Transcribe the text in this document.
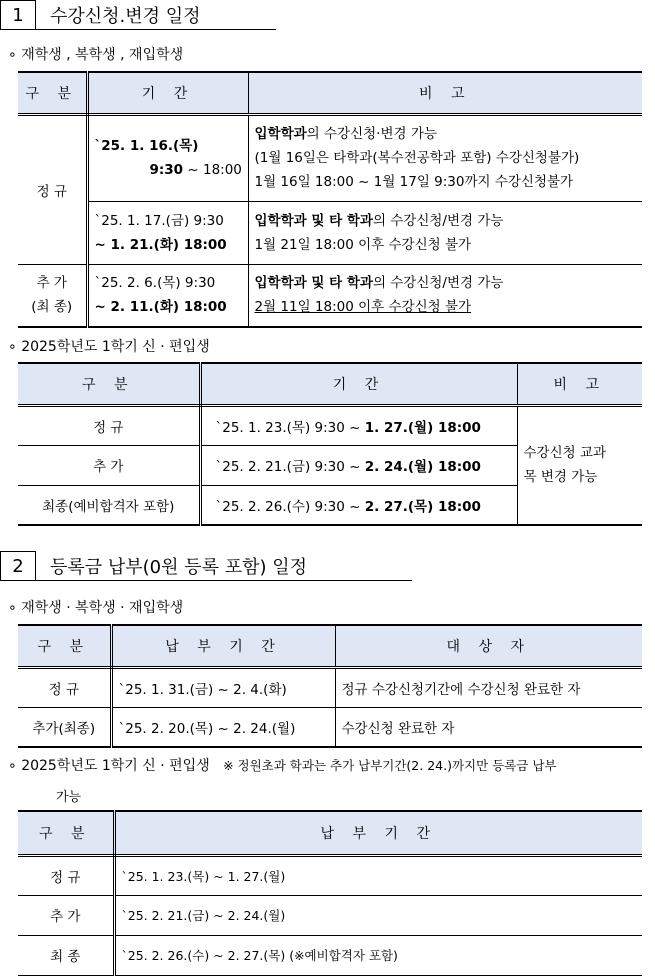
1	수강신청.변경 일정
∘ 재학생 , 복학생 , 재입학생
구 분	기 간	비 고
정 규	`25. 1. 16.(목)
9:30 ~ 18:00	입학학과의 수강신청·변경 가능
(1월 16일은 타학과(복수전공학과 포함) 수강신청불가)
1월 16일 18:00 ~ 1월 17일 9:30까지 수강신청불가

	`25. 1. 17.(금) 9:30
~ 1. 21.(화) 18:00	입학학과 및 타 학과의 수강신청/변경 가능
1월 21일 18:00 이후 수강신청 불가

추 가
(최 종)	`25. 2. 6.(목) 9:30
~ 2. 11.(화) 18:00	입학학과 및 타 학과의 수강신청/변경 가능
2월 11일 18:00 이후 수강신청 불가
∘ 2025학년도 1학기 신 · 편입생
구 분	기 간	비 고
정 규	`25. 1. 23.(목) 9:30 ~ 1. 27.(월) 18:00	수강신청 교과
목 변경 가능

추 가	`25. 2. 21.(금) 9:30 ~ 2. 24.(월) 18:00	
최종(예비합격자 포함)	`25. 2. 26.(수) 9:30 ~ 2. 27.(목) 18:00	
2	등록금 납부(0원 등록 포함) 일정
∘ 재학생 · 복학생 · 재입학생
구 분	납 부 기 간	대 상 자
정 규	`25. 1. 31.(금) ~ 2. 4.(화)	정규 수강신청기간에 수강신청 완료한 자
추가(최종)	`25. 2. 20.(목) ~ 2. 24.(월)	수강신청 완료한 자
∘ 2025학년도 1학기 신 · 편입생 ※ 정원초과 학과는 추가 납부기간(2. 24.)까지만 등록금 납부
가능
구 분	납 부 기 간
정 규	`25. 1. 23.(목) ~ 1. 27.(월)
추 가	`25. 2. 21.(금) ~ 2. 24.(월)
최 종	`25. 2. 26.(수) ~ 2. 27.(목) (※예비합격자 포함)
